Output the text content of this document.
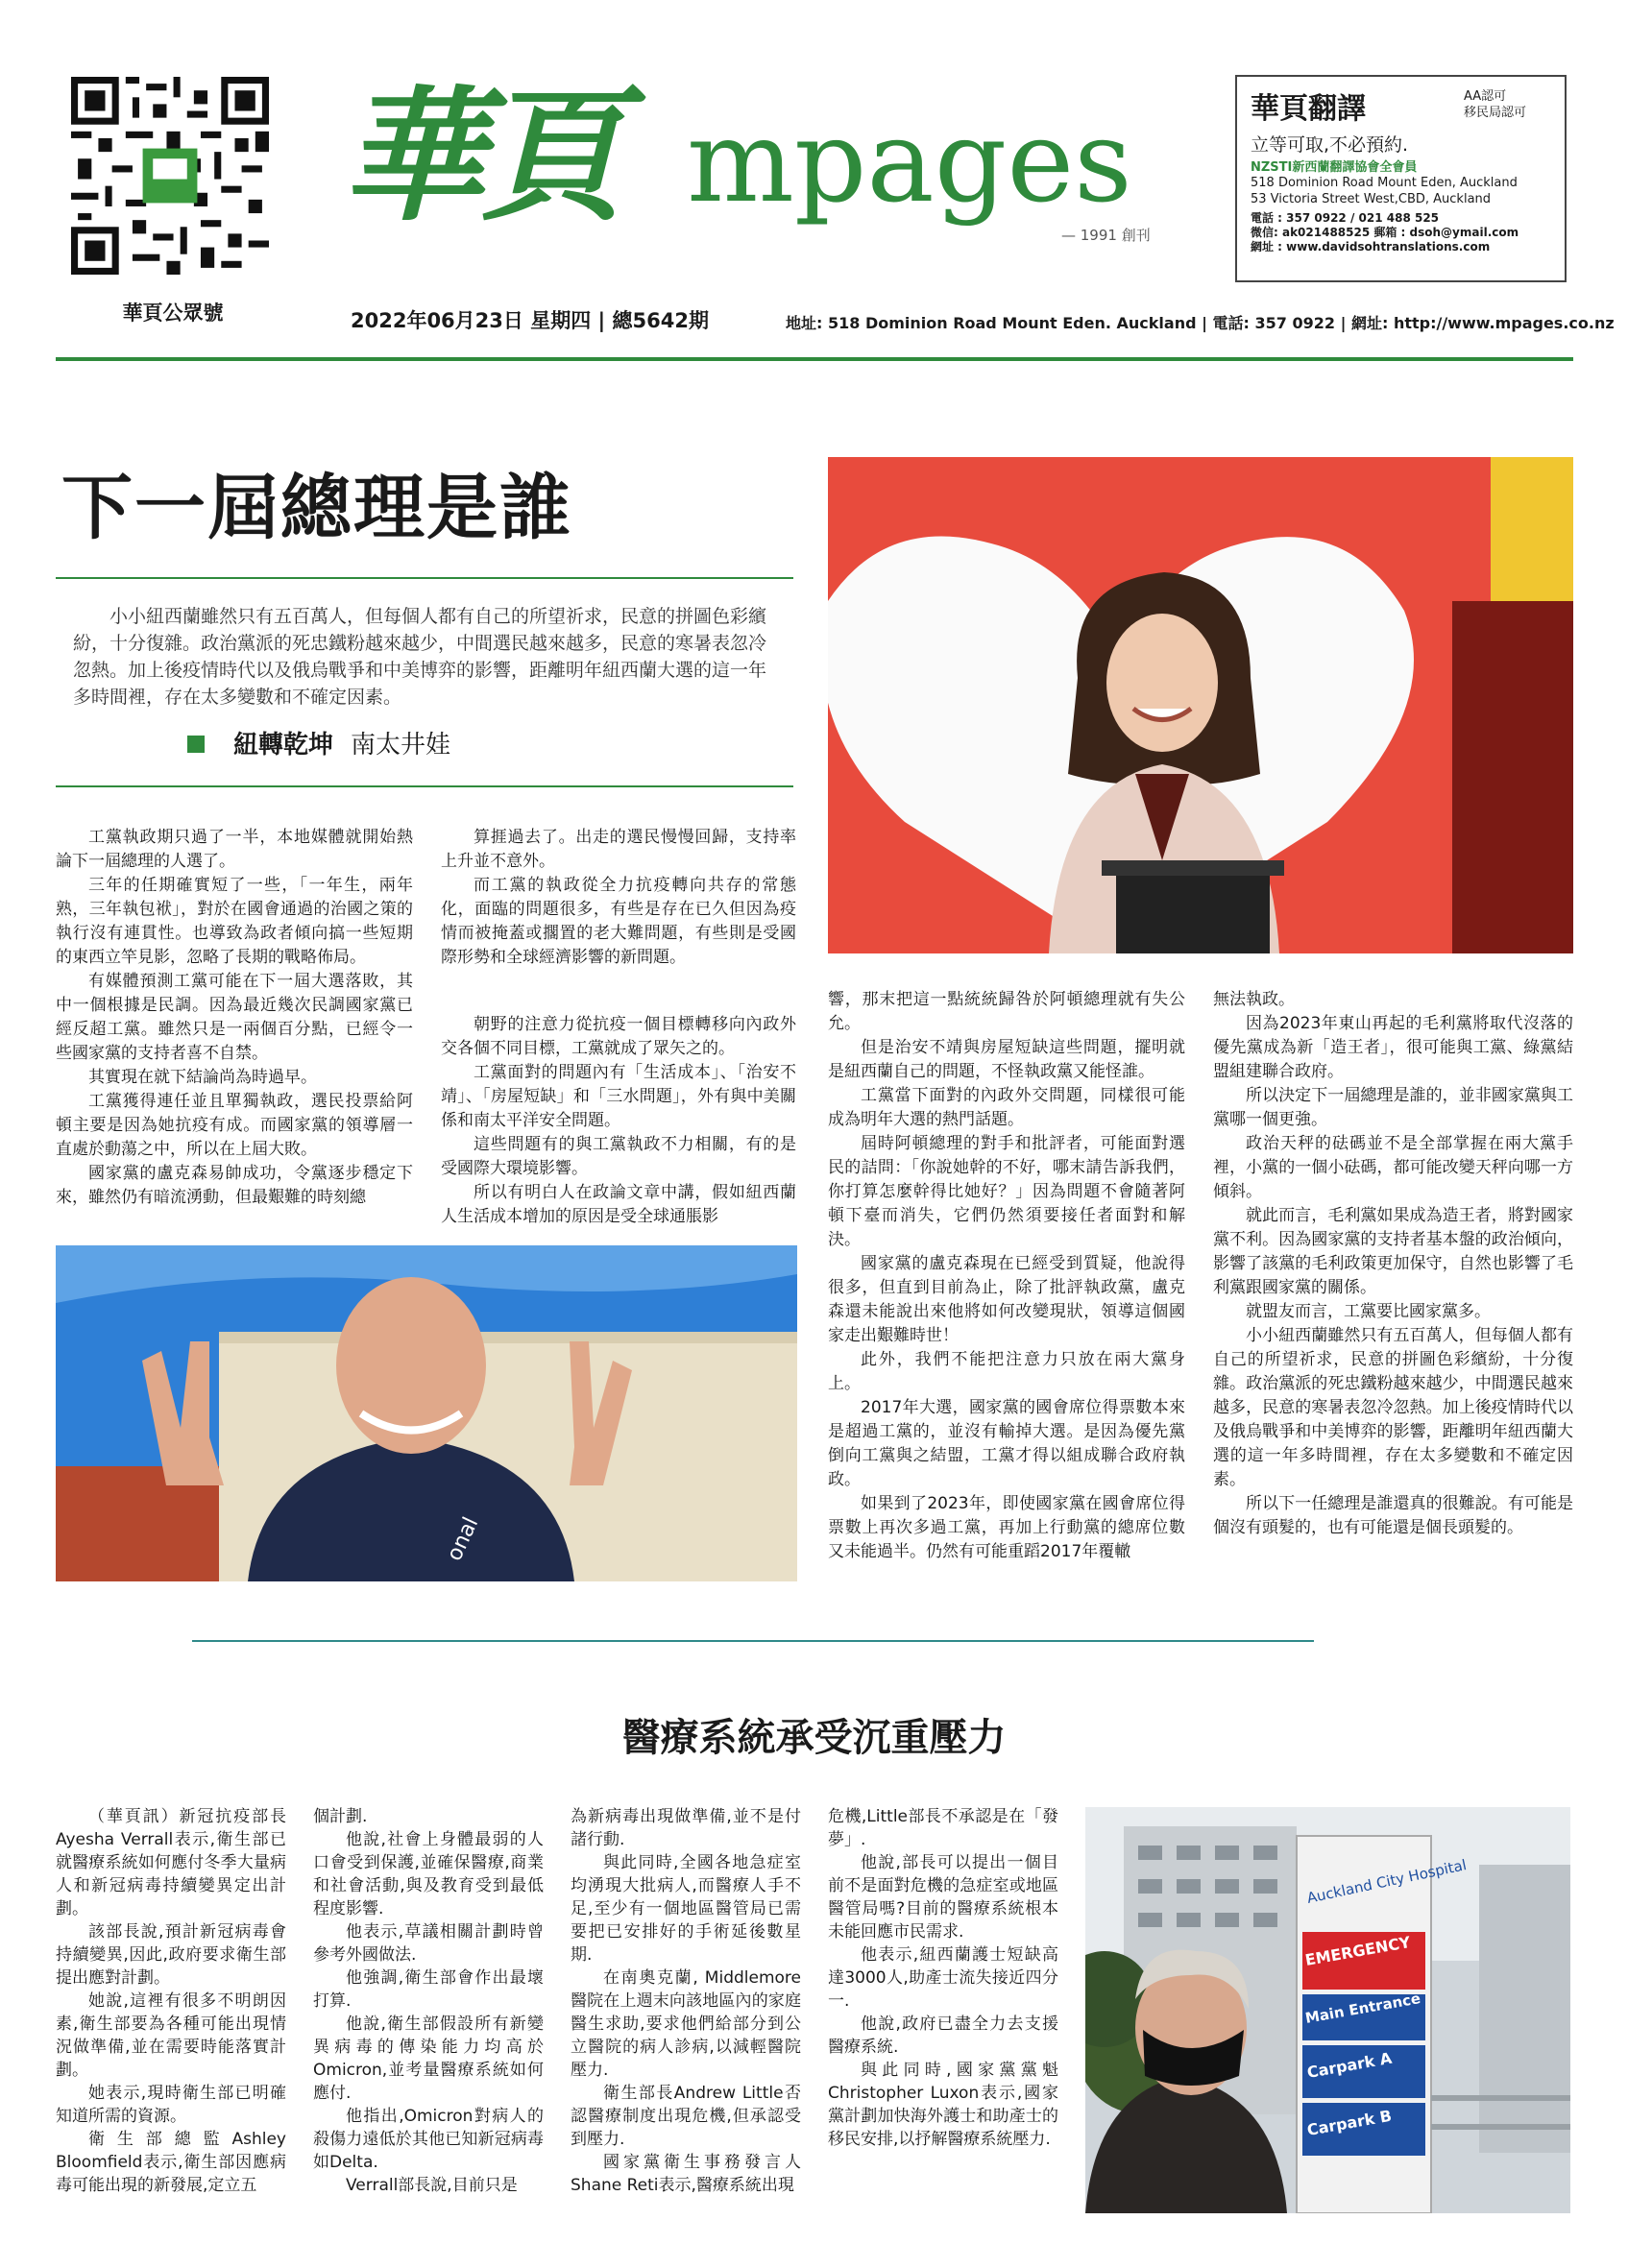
華頁公眾號
華頁 mpages
— 1991 創刊
華頁翻譯	AA認可
移民局認可
立等可取,不必預約.
NZSTI新西蘭翻譯協會全會員
518 Dominion Road Mount Eden, Auckland
53 Victoria Street West,CBD, Auckland
電話 : 357 0922 / 021 488 525
微信: ak021488525 郵箱 : dsoh@ymail.com
網址 : www.davidsohtranslations.com
2022年06月23日 星期四 | 總5642期	地址: 518 Dominion Road Mount Eden. Auckland | 電話: 357 0922 | 網址: http://www.mpages.co.nz
下一屆總理是誰
小小紐西蘭雖然只有五百萬人，但每個人都有自己的所望祈求，民意的拼圖色彩繽紛，十分復雜。政治黨派的死忠鐵粉越來越少，中間選民越來越多，民意的寒暑表忽冷忽熱。加上後疫情時代以及俄烏戰爭和中美博弈的影響，距離明年紐西蘭大選的這一年多時間裡，存在太多變數和不確定因素。
紐轉乾坤 南太井娃

工黨執政期只過了一半，本地媒體就開始熱論下一屆總理的人選了。

三年的任期確實短了一些，「一年生，兩年熟，三年執包袱」，對於在國會通過的治國之策的執行沒有連貫性。也導致為政者傾向搞一些短期的東西立竿見影，忽略了長期的戰略佈局。

有媒體預測工黨可能在下一屆大選落敗，其中一個根據是民調。因為最近幾次民調國家黨已經反超工黨。雖然只是一兩個百分點，已經令一些國家黨的支持者喜不自禁。

其實現在就下結論尚為時過早。

工黨獲得連任並且單獨執政，選民投票給阿頓主要是因為她抗疫有成。而國家黨的領導層一直處於動蕩之中，所以在上屆大敗。

國家黨的盧克森易帥成功，令黨逐步穩定下來，雖然仍有暗流湧動，但最艱難的時刻總

算捱過去了。出走的選民慢慢回歸，支持率上升並不意外。

而工黨的執政從全力抗疫轉向共存的常態化，面臨的問題很多，有些是存在已久但因為疫情而被掩蓋或擱置的老大難問題，有些則是受國際形勢和全球經濟影響的新問題。

朝野的注意力從抗疫一個目標轉移向內政外交各個不同目標，工黨就成了眾矢之的。

工黨面對的問題內有「生活成本」、「治安不靖」、「房屋短缺」和「三水問題」，外有與中美關係和南太平洋安全問題。

這些問題有的與工黨執政不力相關，有的是受國際大環境影響。

所以有明白人在政論文章中講，假如紐西蘭人生活成本增加的原因是受全球通脹影

onal

響，那末把這一點統統歸咎於阿頓總理就有失公允。

但是治安不靖與房屋短缺這些問題，擺明就是紐西蘭自己的問題，不怪執政黨又能怪誰。

工黨當下面對的內政外交問題，同樣很可能成為明年大選的熱門話題。

屆時阿頓總理的對手和批評者，可能面對選民的詰問：「你說她幹的不好，哪末請告訴我們，你打算怎麼幹得比她好？」因為問題不會隨著阿頓下臺而消失，它們仍然須要接任者面對和解決。

國家黨的盧克森現在已經受到質疑，他說得很多，但直到目前為止，除了批評執政黨，盧克森還未能說出來他將如何改變現狀，領導這個國家走出艱難時世！

此外，我們不能把注意力只放在兩大黨身上。

2017年大選，國家黨的國會席位得票數本來是超過工黨的，並沒有輸掉大選。是因為優先黨倒向工黨與之結盟，工黨才得以組成聯合政府執政。

如果到了2023年，即使國家黨在國會席位得票數上再次多過工黨，再加上行動黨的總席位數又未能過半。仍然有可能重蹈2017年覆轍

無法執政。

因為2023年東山再起的毛利黨將取代沒落的優先黨成為新「造王者」，很可能與工黨、綠黨結盟組建聯合政府。

所以決定下一屆總理是誰的，並非國家黨與工黨哪一個更強。

政治天秤的砝碼並不是全部掌握在兩大黨手裡，小黨的一個小砝碼，都可能改變天秤向哪一方傾斜。

就此而言，毛利黨如果成為造王者，將對國家黨不利。因為國家黨的支持者基本盤的政治傾向，影響了該黨的毛利政策更加保守，自然也影響了毛利黨跟國家黨的關係。

就盟友而言，工黨要比國家黨多。

小小紐西蘭雖然只有五百萬人，但每個人都有自己的所望祈求，民意的拼圖色彩繽紛，十分復雜。政治黨派的死忠鐵粉越來越少，中間選民越來越多，民意的寒暑表忽冷忽熱。加上後疫情時代以及俄烏戰爭和中美博弈的影響，距離明年紐西蘭大選的這一年多時間裡，存在太多變數和不確定因素。

所以下一任總理是誰還真的很難說。有可能是個沒有頭髮的，也有可能還是個長頭髮的。

醫療系統承受沉重壓力

（華頁訊）新冠抗疫部長Ayesha Verrall表示,衛生部已就醫療系統如何應付冬季大量病人和新冠病毒持續變異定出計劃。

該部長說,預計新冠病毒會持續變異,因此,政府要求衛生部提出應對計劃。

她說,這裡有很多不明朗因素,衛生部要為各種可能出現情況做準備,並在需要時能落實計劃。

她表示,現時衛生部已明確知道所需的資源。

衛生部總監Ashley Bloomfield表示,衛生部因應病毒可能出現的新發展,定立五

個計劃.

他說,社會上身體最弱的人口會受到保護,並確保醫療,商業和社會活動,與及教育受到最低程度影響.

他表示,草議相關計劃時曾參考外國做法.

他強調,衛生部會作出最壞打算.

他說,衛生部假設所有新變異病毒的傳染能力均高於Omicron,並考量醫療系統如何應付.

他指出,Omicron對病人的殺傷力遠低於其他已知新冠病毒如Delta.

Verrall部長說,目前只是

為新病毒出現做準備,並不是付諸行動.

與此同時,全國各地急症室均湧現大批病人,而醫療人手不足,至少有一個地區醫管局已需要把已安排好的手術延後數星期.

在南奧克蘭, Middlemore醫院在上週末向該地區內的家庭醫生求助,要求他們給部分到公立醫院的病人診病,以減輕醫院壓力.

衛生部長Andrew Little否認醫療制度出現危機,但承認受到壓力.

國家黨衛生事務發言人Shane Reti表示,醫療系統出現

危機,Little部長不承認是在「發夢」.

他說,部長可以提出一個目前不是面對危機的急症室或地區醫管局嗎?目前的醫療系統根本未能回應市民需求.

他表示,紐西蘭護士短缺高達3000人,助產士流失接近四分一.

他說,政府已盡全力去支援醫療系統.

與此同時,國家黨黨魁Christopher Luxon表示,國家黨計劃加快海外護士和助產士的移民安排,以抒解醫療系統壓力.

Auckland City Hospital
EMERGENCY
Main Entrance
Carpark A
Carpark B
